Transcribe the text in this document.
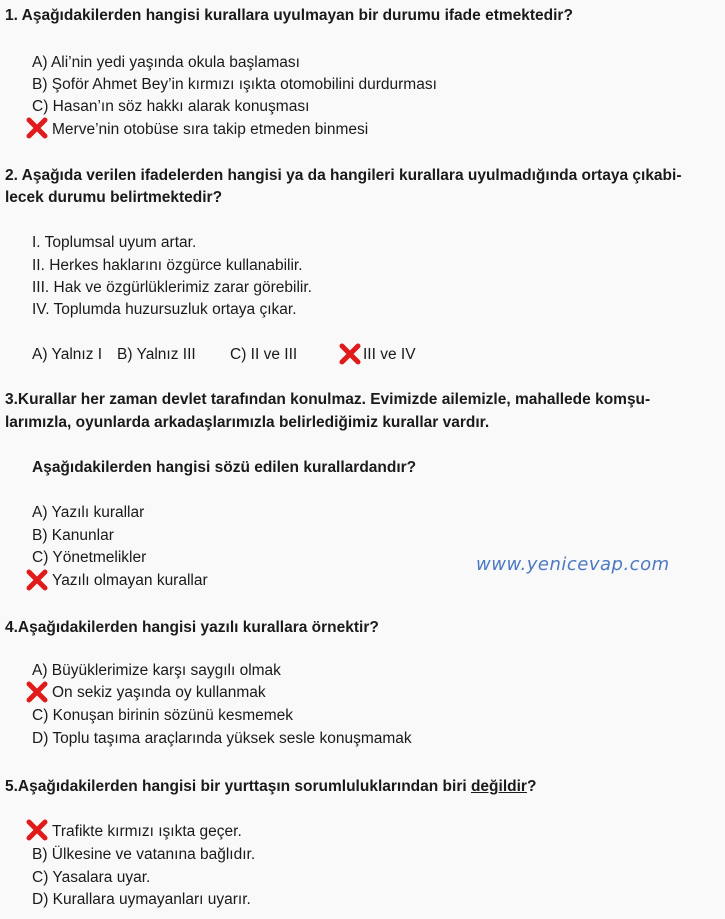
1. Aşağıdakilerden hangisi kurallara uyulmayan bir durumu ifade etmektedir?
A) Ali’nin yedi yaşında okula başlaması
B) Şoför Ahmet Bey’in kırmızı ışıkta otomobilini durdurması
C) Hasan’ın söz hakkı alarak konuşması
Merve’nin otobüse sıra takip etmeden binmesi
2. Aşağıda verilen ifadelerden hangisi ya da hangileri kurallara uyulmadığında ortaya çıkabi-
lecek durumu belirtmektedir?
I. Toplumsal uyum artar.
II. Herkes haklarını özgürce kullanabilir.
III. Hak ve özgürlüklerimiz zarar görebilir.
IV. Toplumda huzursuzluk ortaya çıkar.
A) Yalnız I B) Yalnız III C) II ve III	III ve IV
3.Kurallar her zaman devlet tarafından konulmaz. Evimizde ailemizle, mahallede komşu-
larımızla, oyunlarda arkadaşlarımızla belirlediğimiz kurallar vardır.
Aşağıdakilerden hangisi sözü edilen kurallardandır?
A) Yazılı kurallar
B) Kanunlar
C) Yönetmelikler
Yazılı olmayan kurallar
www.yenicevap.com
4.Aşağıdakilerden hangisi yazılı kurallara örnektir?
A) Büyüklerimize karşı saygılı olmak
On sekiz yaşında oy kullanmak
C) Konuşan birinin sözünü kesmemek
D) Toplu taşıma araçlarında yüksek sesle konuşmamak
5.Aşağıdakilerden hangisi bir yurttaşın sorumluluklarından biri değildir?
Trafikte kırmızı ışıkta geçer.
B) Ülkesine ve vatanına bağlıdır.
C) Yasalara uyar.
D) Kurallara uymayanları uyarır.
